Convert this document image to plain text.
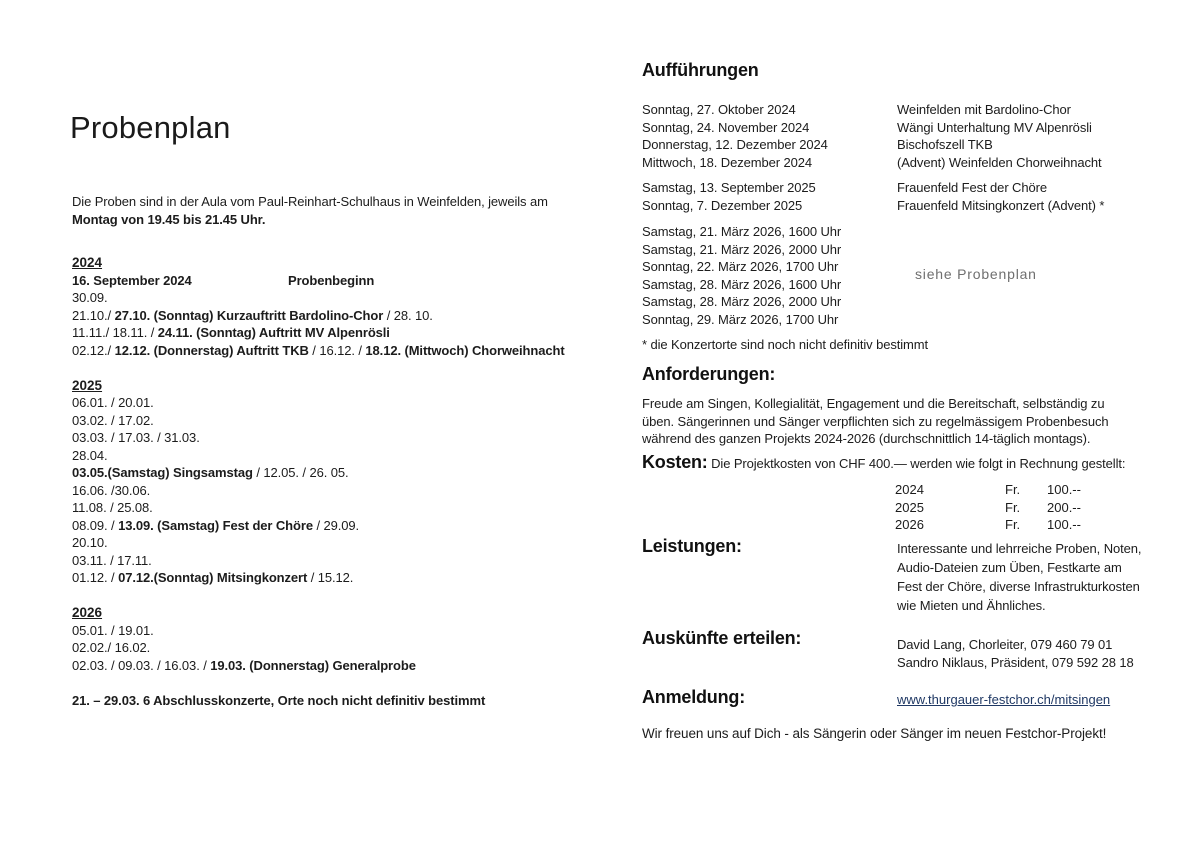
Probenplan
Die Proben sind in der Aula vom Paul-Reinhart-Schulhaus in Weinfelden, jeweils am
Montag von 19.45 bis 21.45 Uhr.
2024
16. September 2024	Probenbeginn
30.09.
21.10./ 27.10. (Sonntag) Kurzauftritt Bardolino-Chor / 28. 10.
11.11./ 18.11. / 24.11. (Sonntag) Auftritt MV Alpenrösli
02.12./ 12.12. (Donnerstag) Auftritt TKB / 16.12. / 18.12. (Mittwoch) Chorweihnacht
2025
06.01. / 20.01.
03.02. / 17.02.
03.03. / 17.03. / 31.03.
28.04.
03.05.(Samstag) Singsamstag / 12.05. / 26. 05.
16.06. /30.06.
11.08. / 25.08.
08.09. / 13.09. (Samstag) Fest der Chöre / 29.09.
20.10.
03.11. / 17.11.
01.12. / 07.12.(Sonntag) Mitsingkonzert / 15.12.
2026
05.01. / 19.01.
02.02./ 16.02.
02.03. / 09.03. / 16.03. / 19.03. (Donnerstag) Generalprobe
21. – 29.03. 6 Abschlusskonzerte, Orte noch nicht definitiv bestimmt
Aufführungen
Sonntag, 27. Oktober 2024	Weinfelden mit Bardolino-Chor
Sonntag, 24. November 2024	Wängi Unterhaltung MV Alpenrösli
Donnerstag, 12. Dezember 2024	Bischofszell TKB
Mittwoch, 18. Dezember 2024	(Advent) Weinfelden Chorweihnacht
Samstag, 13. September 2025	Frauenfeld Fest der Chöre
Sonntag, 7. Dezember 2025	Frauenfeld Mitsingkonzert (Advent) *
Samstag, 21. März 2026, 1600 Uhr
Samstag, 21. März 2026, 2000 Uhr
Sonntag, 22. März 2026, 1700 Uhr
Samstag, 28. März 2026, 1600 Uhr
Samstag, 28. März 2026, 2000 Uhr
Sonntag, 29. März 2026, 1700 Uhr
siehe Probenplan
* die Konzertorte sind noch nicht definitiv bestimmt
Anforderungen:
Freude am Singen, Kollegialität, Engagement und die Bereitschaft, selbständig zu
üben. Sängerinnen und Sänger verpflichten sich zu regelmässigem Probenbesuch
während des ganzen Projekts 2024-2026 (durchschnittlich 14-täglich montags).
Kosten: Die Projektkosten von CHF 400.— werden wie folgt in Rechnung gestellt:
2024	Fr. 100.--
2025	Fr. 200.--
2026	Fr. 100.--
Leistungen:	Interessante und lehrreiche Proben, Noten,
Audio-Dateien zum Üben, Festkarte am
Fest der Chöre, diverse Infrastrukturkosten
wie Mieten und Ähnliches.
Auskünfte erteilen:	David Lang, Chorleiter, 079 460 79 01
Sandro Niklaus, Präsident, 079 592 28 18
Anmeldung:	www.thurgauer-festchor.ch/mitsingen
Wir freuen uns auf Dich - als Sängerin oder Sänger im neuen Festchor-Projekt!
